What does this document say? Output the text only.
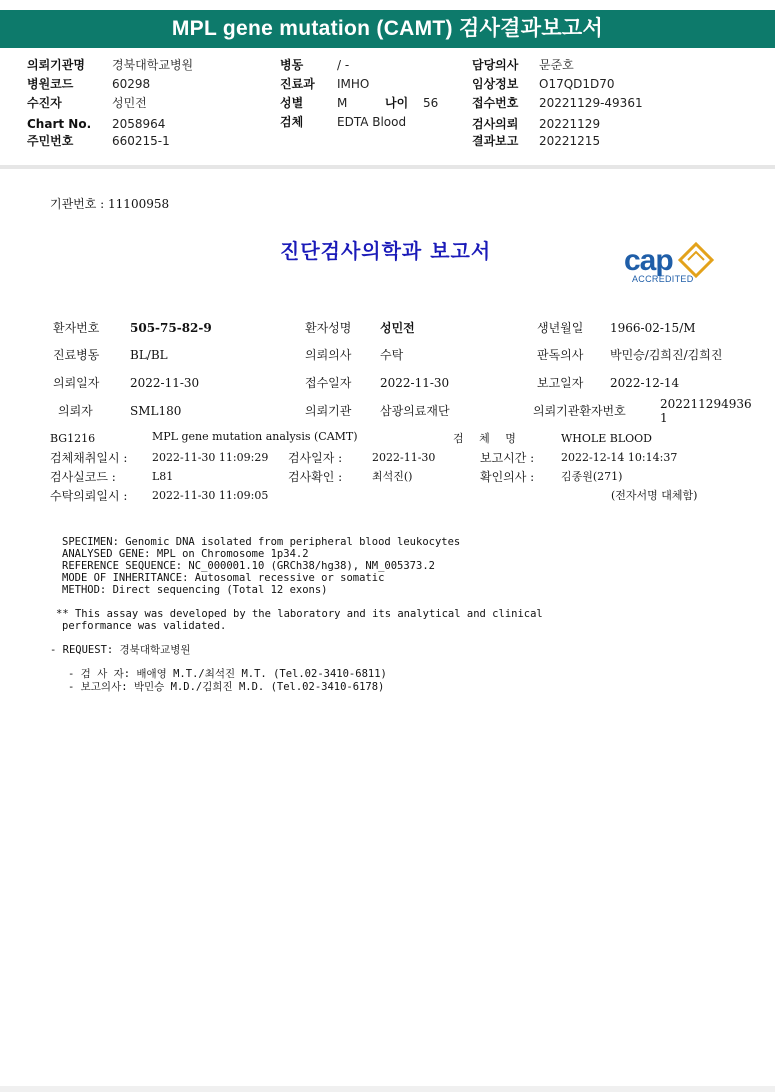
MPL gene mutation (CAMT) 검사결과보고서
의뢰기관명 경북대학교병원
병원코드	60298
수진자	성민전
Chart No. 2058964
주민번호	660215-1
병동	/ -
진료과 IMHO
성별	M	나이 56
검체	EDTA Blood
담당의사 문준호
임상정보 O17QD1D70
접수번호 20221129-49361
검사의뢰 20221129
결과보고 20221215
기관번호 : 11100958
진단검사의학과 보고서	cap
ACCREDITED
환자번호	505-75-82-9	환자성명 성민전	생년월일 1966-02-15/M
진료병동	BL/BL	의뢰의사 수탁	판독의사 박민승/김희진/김희진
의뢰일자	2022-11-30	접수일자 2022-11-30	보고일자 2022-12-14
의뢰자	SML180	의뢰기관 삼광의료재단	의뢰기관환자번호	202211294936
1
BG1216	MPL gene mutation analysis (CAMT)	검 체 명	WHOLE BLOOD
검체채취일시 : 2022-11-30 11:09:29 검사일자 :	2022-11-30	보고시간 : 2022-12-14 10:14:37
검사실코드 :	L81	검사확인 :	최석진()	확인의사 : 김종원(271)
수탁의뢰일시 : 2022-11-30 11:09:05	(전자서명 대체함)
SPECIMEN: Genomic DNA isolated from peripheral blood leukocytes
ANALYSED GENE: MPL on Chromosome 1p34.2
REFERENCE SEQUENCE: NC_000001.10 (GRCh38/hg38), NM_005373.2
MODE OF INHERITANCE: Autosomal recessive or somatic
METHOD: Direct sequencing (Total 12 exons)
** This assay was developed by the laboratory and its analytical and clinical
performance was validated.
- REQUEST: 경북대학교병원
- 검 사 자: 배애영 M.T./최석진 M.T. (Tel.02-3410-6811)
- 보고의사: 박민승 M.D./김희진 M.D. (Tel.02-3410-6178)
